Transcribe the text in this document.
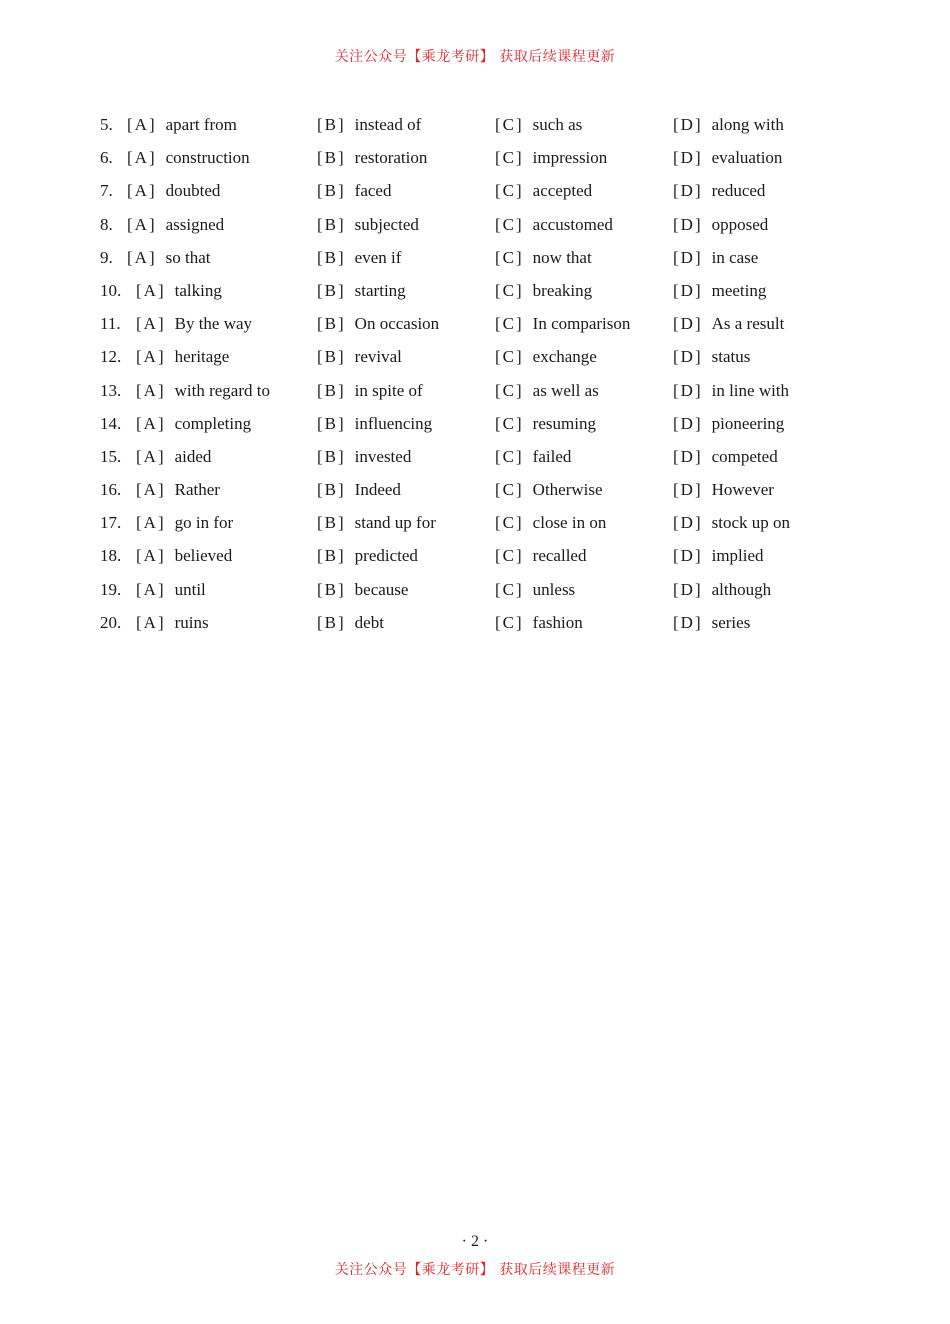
关注公众号【乘龙考研】 获取后续课程更新
5. [A] apart from	[B] instead of	[C] such as	[D] along with
6. [A] construction	[B] restoration	[C] impression	[D] evaluation
7. [A] doubted	[B] faced	[C] accepted	[D] reduced
8. [A] assigned	[B] subjected	[C] accustomed	[D] opposed
9. [A] so that	[B] even if	[C] now that	[D] in case
10. [A] talking	[B] starting	[C] breaking	[D] meeting
11. [A] By the way	[B] On occasion	[C] In comparison	[D] As a result
12. [A] heritage	[B] revival	[C] exchange	[D] status
13. [A] with regard to	[B] in spite of	[C] as well as	[D] in line with
14. [A] completing	[B] influencing	[C] resuming	[D] pioneering
15. [A] aided	[B] invested	[C] failed	[D] competed
16. [A] Rather	[B] Indeed	[C] Otherwise	[D] However
17. [A] go in for	[B] stand up for	[C] close in on	[D] stock up on
18. [A] believed	[B] predicted	[C] recalled	[D] implied
19. [A] until	[B] because	[C] unless	[D] although
20. [A] ruins	[B] debt	[C] fashion	[D] series
· 2 ·
关注公众号【乘龙考研】 获取后续课程更新
